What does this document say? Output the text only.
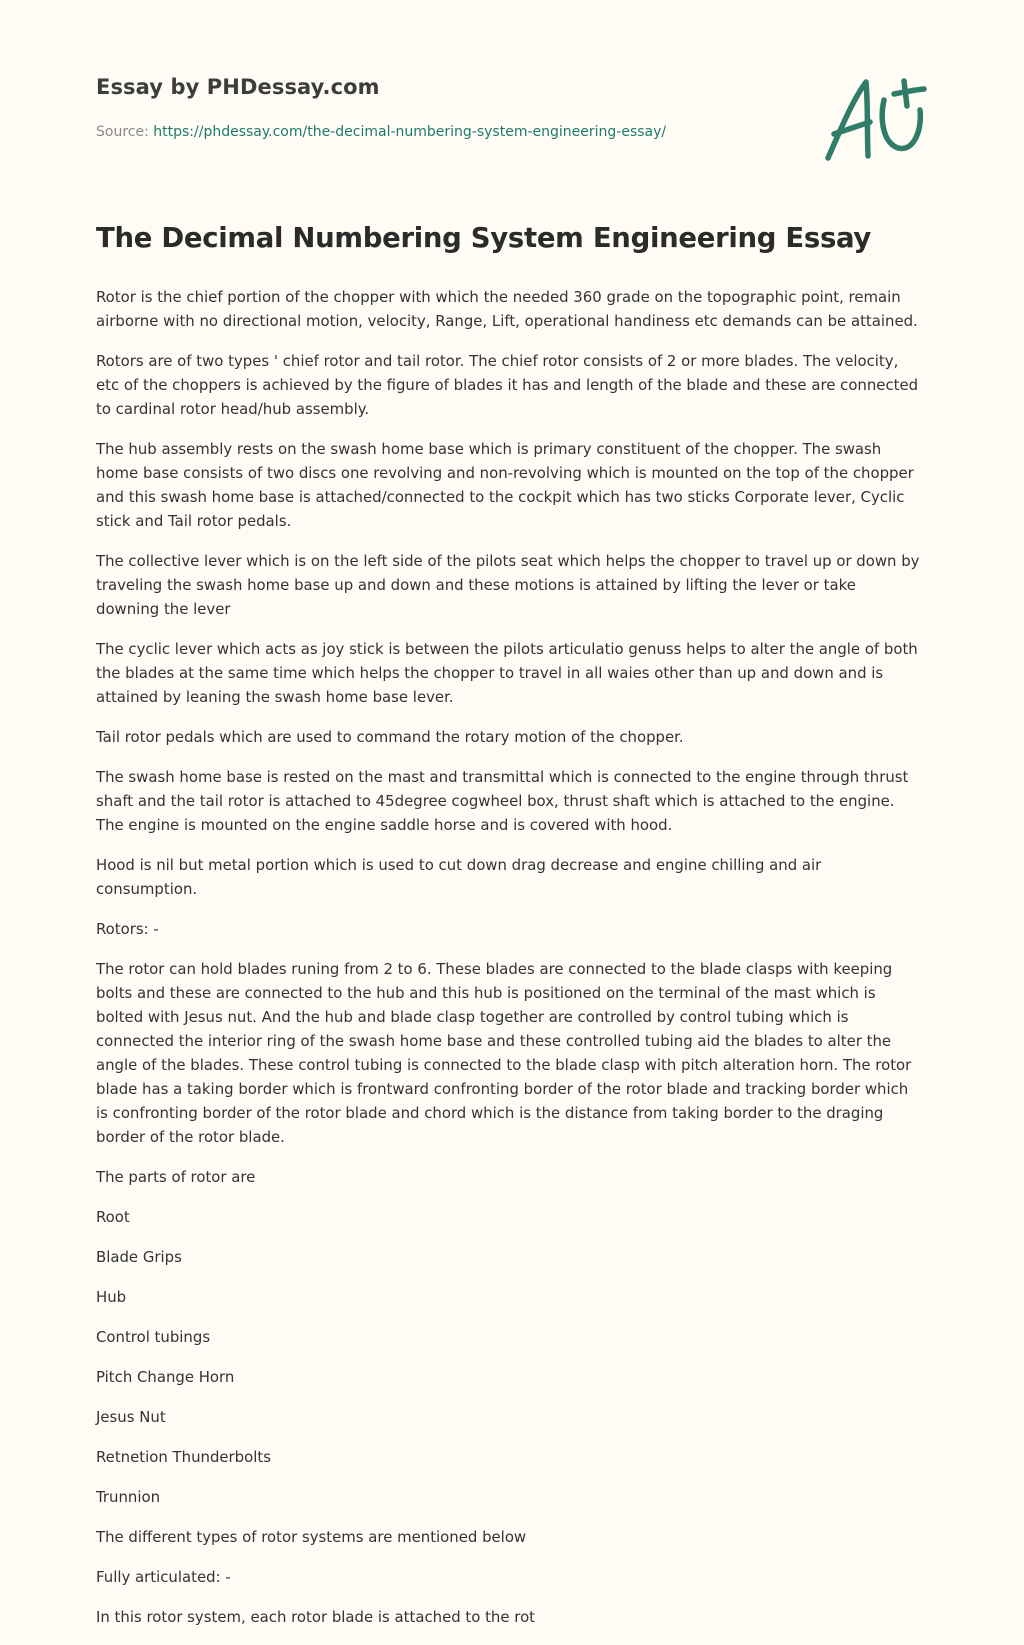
Essay by PHDessay.com
Source: https://phdessay.com/the-decimal-numbering-system-engineering-essay/
The Decimal Numbering System Engineering Essay

Rotor is the chief portion of the chopper with which the needed 360 grade on the topographic point, remain airborne with no directional motion, velocity, Range, Lift, operational handiness etc demands can be attained.

Rotors are of two types ' chief rotor and tail rotor. The chief rotor consists of 2 or more blades. The velocity, etc of the choppers is achieved by the figure of blades it has and length of the blade and these are connected to cardinal rotor head/hub assembly.

The hub assembly rests on the swash home base which is primary constituent of the chopper. The swash home base consists of two discs one revolving and non-revolving which is mounted on the top of the chopper and this swash home base is attached/connected to the cockpit which has two sticks Corporate lever, Cyclic stick and Tail rotor pedals.

The collective lever which is on the left side of the pilots seat which helps the chopper to travel up or down by traveling the swash home base up and down and these motions is attained by lifting the lever or take downing the lever

The cyclic lever which acts as joy stick is between the pilots articulatio genuss helps to alter the angle of both the blades at the same time which helps the chopper to travel in all waies other than up and down and is attained by leaning the swash home base lever.

Tail rotor pedals which are used to command the rotary motion of the chopper.

The swash home base is rested on the mast and transmittal which is connected to the engine through thrust shaft and the tail rotor is attached to 45degree cogwheel box, thrust shaft which is attached to the engine. The engine is mounted on the engine saddle horse and is covered with hood.

Hood is nil but metal portion which is used to cut down drag decrease and engine chilling and air consumption.

Rotors: -

The rotor can hold blades runing from 2 to 6. These blades are connected to the blade clasps with keeping bolts and these are connected to the hub and this hub is positioned on the terminal of the mast which is bolted with Jesus nut. And the hub and blade clasp together are controlled by control tubing which is connected the interior ring of the swash home base and these controlled tubing aid the blades to alter the angle of the blades. These control tubing is connected to the blade clasp with pitch alteration horn. The rotor blade has a taking border which is frontward confronting border of the rotor blade and tracking border which is confronting border of the rotor blade and chord which is the distance from taking border to the draging border of the rotor blade.

The parts of rotor are

Root

Blade Grips

Hub

Control tubings

Pitch Change Horn

Jesus Nut

Retnetion Thunderbolts

Trunnion

The different types of rotor systems are mentioned below

Fully articulated: -

In this rotor system, each rotor blade is attached to the rot
